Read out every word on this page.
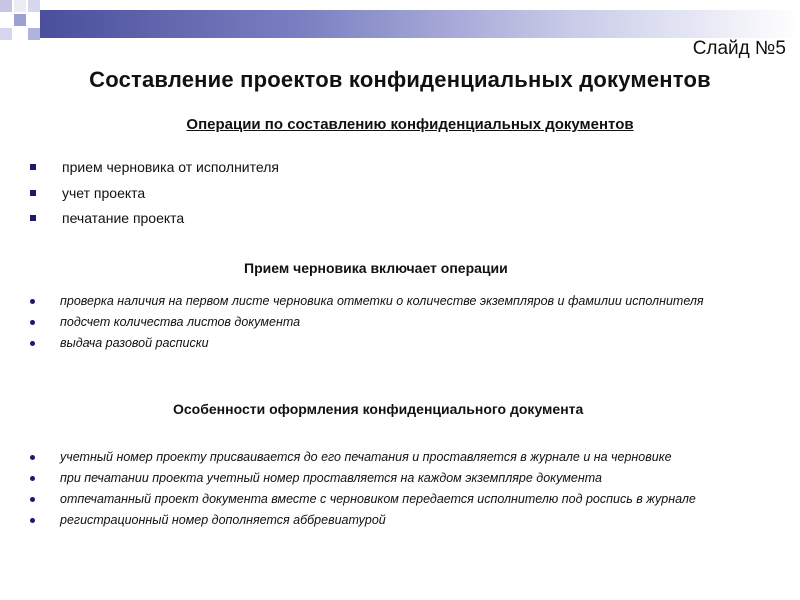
Слайд №5
Составление проектов конфиденциальных документов
Операции по составлению конфиденциальных документов
прием черновика от исполнителя
учет проекта
печатание проекта
Прием черновика включает операции
проверка наличия на первом листе черновика отметки о количестве экземпляров и фамилии исполнителя
подсчет количества листов документа
выдача разовой расписки
Особенности оформления конфиденциального документа
учетный номер проекту присваивается до его печатания и проставляется в журнале и на черновике
при печатании проекта учетный номер проставляется на каждом экземпляре документа
отпечатанный проект документа вместе с черновиком передается исполнителю под роспись в журнале
регистрационный номер дополняется аббревиатурой
